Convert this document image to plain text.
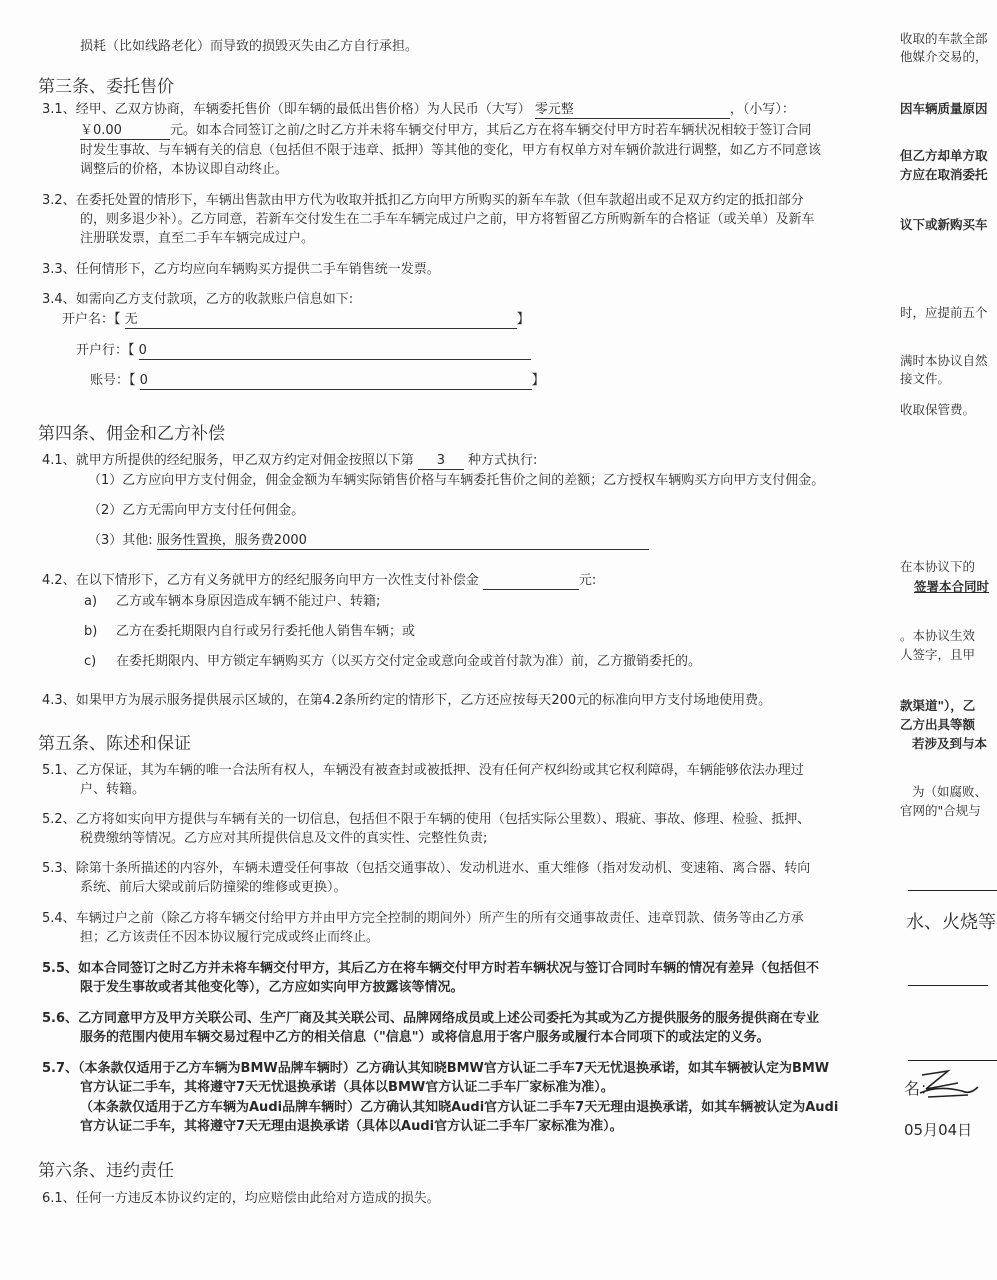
损耗（比如线路老化）而导致的损毁灭失由乙方自行承担。
第三条、委托售价
3.1、经甲、乙双方协商，车辆委托售价（即车辆的最低出售价格）为人民币（大写） 零元整	，（小写）：
￥0.00	元。如本合同签订之前/之时乙方并未将车辆交付甲方，其后乙方在将车辆交付甲方时若车辆状况相较于签订合同
时发生事故、与车辆有关的信息（包括但不限于违章、抵押）等其他的变化，甲方有权单方对车辆价款进行调整，如乙方不同意该
调整后的价格，本协议即自动终止。
3.2、在委托处置的情形下，车辆出售款由甲方代为收取并抵扣乙方向甲方所购买的新车车款（但车款超出或不足双方约定的抵扣部分
的，则多退少补）。乙方同意，若新车交付发生在二手车车辆完成过户之前，甲方将暂留乙方所购新车的合格证（或关单）及新车
注册联发票，直至二手车车辆完成过户。
3.3、任何情形下，乙方均应向车辆购买方提供二手车销售统一发票。
3.4、如需向乙方支付款项，乙方的收款账户信息如下:
开户名：【 无	】
开户行：【 0
账号：【 0	】
第四条、佣金和乙方补偿
4.1、就甲方所提供的经纪服务，甲乙双方约定对佣金按照以下第 3 种方式执行:
（1）乙方应向甲方支付佣金，佣金金额为车辆实际销售价格与车辆委托售价之间的差额；乙方授权车辆购买方向甲方支付佣金。
（2）乙方无需向甲方支付任何佣金。
（3）其他: 服务性置换，服务费2000
4.2、在以下情形下，乙方有义务就甲方的经纪服务向甲方一次性支付补偿金	元:
a) 乙方或车辆本身原因造成车辆不能过户、转籍;
b) 乙方在委托期限内自行或另行委托他人销售车辆；或
c) 在委托期限内、甲方锁定车辆购买方（以买方交付定金或意向金或首付款为准）前，乙方撤销委托的。
4.3、如果甲方为展示服务提供展示区域的，在第4.2条所约定的情形下，乙方还应按每天200元的标准向甲方支付场地使用费。
第五条、陈述和保证
5.1、乙方保证，其为车辆的唯一合法所有权人，车辆没有被查封或被抵押、没有任何产权纠纷或其它权利障碍，车辆能够依法办理过
户、转籍。
5.2、乙方将如实向甲方提供与车辆有关的一切信息，包括但不限于车辆的使用（包括实际公里数）、瑕疵、事故、修理、检验、抵押、
税费缴纳等情况。乙方应对其所提供信息及文件的真实性、完整性负责;
5.3、除第十条所描述的内容外，车辆未遭受任何事故（包括交通事故）、发动机进水、重大维修（指对发动机、变速箱、离合器、转向
系统、前后大梁或前后防撞梁的维修或更换）。
5.4、车辆过户之前（除乙方将车辆交付给甲方并由甲方完全控制的期间外）所产生的所有交通事故责任、违章罚款、债务等由乙方承
担；乙方该责任不因本协议履行完成或终止而终止。
5.5、如本合同签订之时乙方并未将车辆交付甲方，其后乙方在将车辆交付甲方时若车辆状况与签订合同时车辆的情况有差异（包括但不
限于发生事故或者其他变化等），乙方应如实向甲方披露该等情况。
5.6、乙方同意甲方及甲方关联公司、生产厂商及其关联公司、品牌网络成员或上述公司委托为其或为乙方提供服务的服务提供商在专业
服务的范围内使用车辆交易过程中乙方的相关信息（"信息"）或将信息用于客户服务或履行本合同项下的或法定的义务。
5.7、（本条款仅适用于乙方车辆为BMW品牌车辆时）乙方确认其知晓BMW官方认证二手车7天无忧退换承诺，如其车辆被认定为BMW
官方认证二手车，其将遵守7天无忧退换承诺（具体以BMW官方认证二手车厂家标准为准）。
（本条款仅适用于乙方车辆为Audi品牌车辆时）乙方确认其知晓Audi官方认证二手车7天无理由退换承诺，如其车辆被认定为Audi
官方认证二手车，其将遵守7天无理由退换承诺（具体以Audi官方认证二手车厂家标准为准）。
第六条、违约责任
6.1、任何一方违反本协议约定的，均应赔偿由此给对方造成的损失。
收取的车款全部
他媒介交易的，
因车辆质量原因
但乙方却单方取
方应在取消委托
议下或新购买车
时，应提前五个
满时本协议自然
接文件。
收取保管费。
在本协议下的
签署本合同时
。本协议生效
人签字，且甲
款渠道"），乙
乙方出具等额
若涉及到与本
为（如腐败、
官网的"合规与
水、火烧等
名：
05月04日
